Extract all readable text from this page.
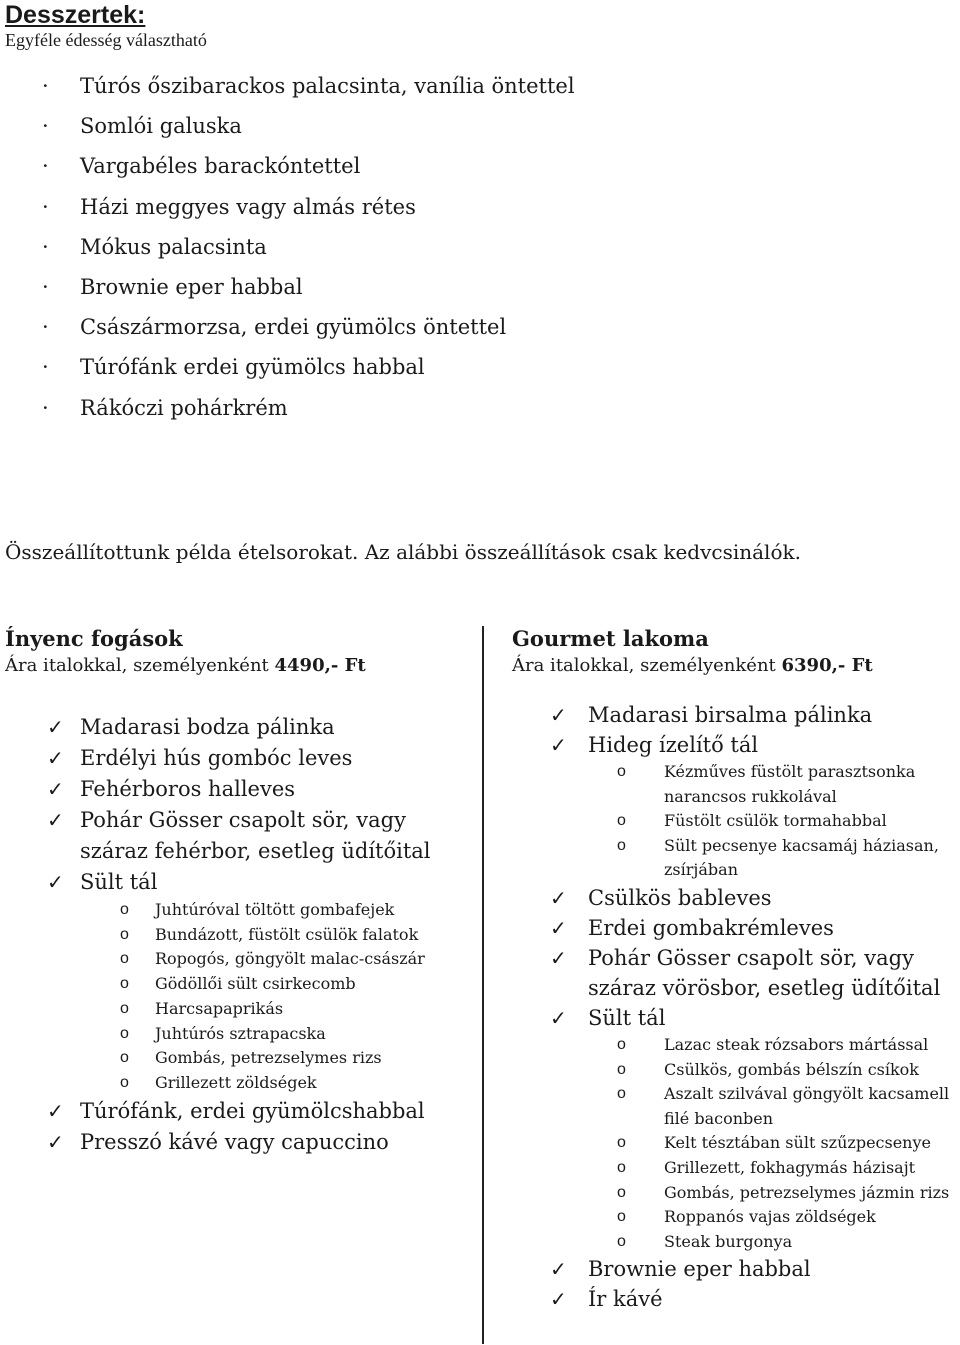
Desszertek:
Egyféle édesség választható
· Túrós őszibarackos palacsinta, vanília öntettel
· Somlói galuska
· Vargabéles barackóntettel
· Házi meggyes vagy almás rétes
· Mókus palacsinta
· Brownie eper habbal
· Császármorzsa, erdei gyümölcs öntettel
· Túrófánk erdei gyümölcs habbal
· Rákóczi pohárkrém
Összeállítottunk példa ételsorokat. Az alábbi összeállítások csak kedvcsinálók.
Ínyenc fogások
Ára italokkal, személyenként 4490,- Ft
✓ Madarasi bodza pálinka
✓ Erdélyi hús gombóc leves
✓ Fehérboros halleves
✓ Pohár Gösser csapolt sör, vagy
száraz fehérbor, esetleg üdítőital
✓ Sült tál
o Juhtúróval töltött gombafejek
o Bundázott, füstölt csülök falatok
o Ropogós, göngyölt malac-császár
o Gödöllői sült csirkecomb
o Harcsapaprikás
o Juhtúrós sztrapacska
o Gombás, petrezselymes rizs
o Grillezett zöldségek
✓ Túrófánk, erdei gyümölcshabbal
✓ Presszó kávé vagy capuccino
Gourmet lakoma
Ára italokkal, személyenként 6390,- Ft
✓ Madarasi birsalma pálinka
✓ Hideg ízelítő tál
o Kézműves füstölt parasztsonka
narancsos rukkolával
o Füstölt csülök tormahabbal
o Sült pecsenye kacsamáj háziasan,
zsírjában
✓ Csülkös bableves
✓ Erdei gombakrémleves
✓ Pohár Gösser csapolt sör, vagy
száraz vörösbor, esetleg üdítőital
✓ Sült tál
o Lazac steak rózsabors mártással
o Csülkös, gombás bélszín csíkok
o Aszalt szilvával göngyölt kacsamell
filé baconben
o Kelt tésztában sült szűzpecsenye
o Grillezett, fokhagymás házisajt
o Gombás, petrezselymes jázmin rizs
o Roppanós vajas zöldségek
o Steak burgonya
✓ Brownie eper habbal
✓ Ír kávé
